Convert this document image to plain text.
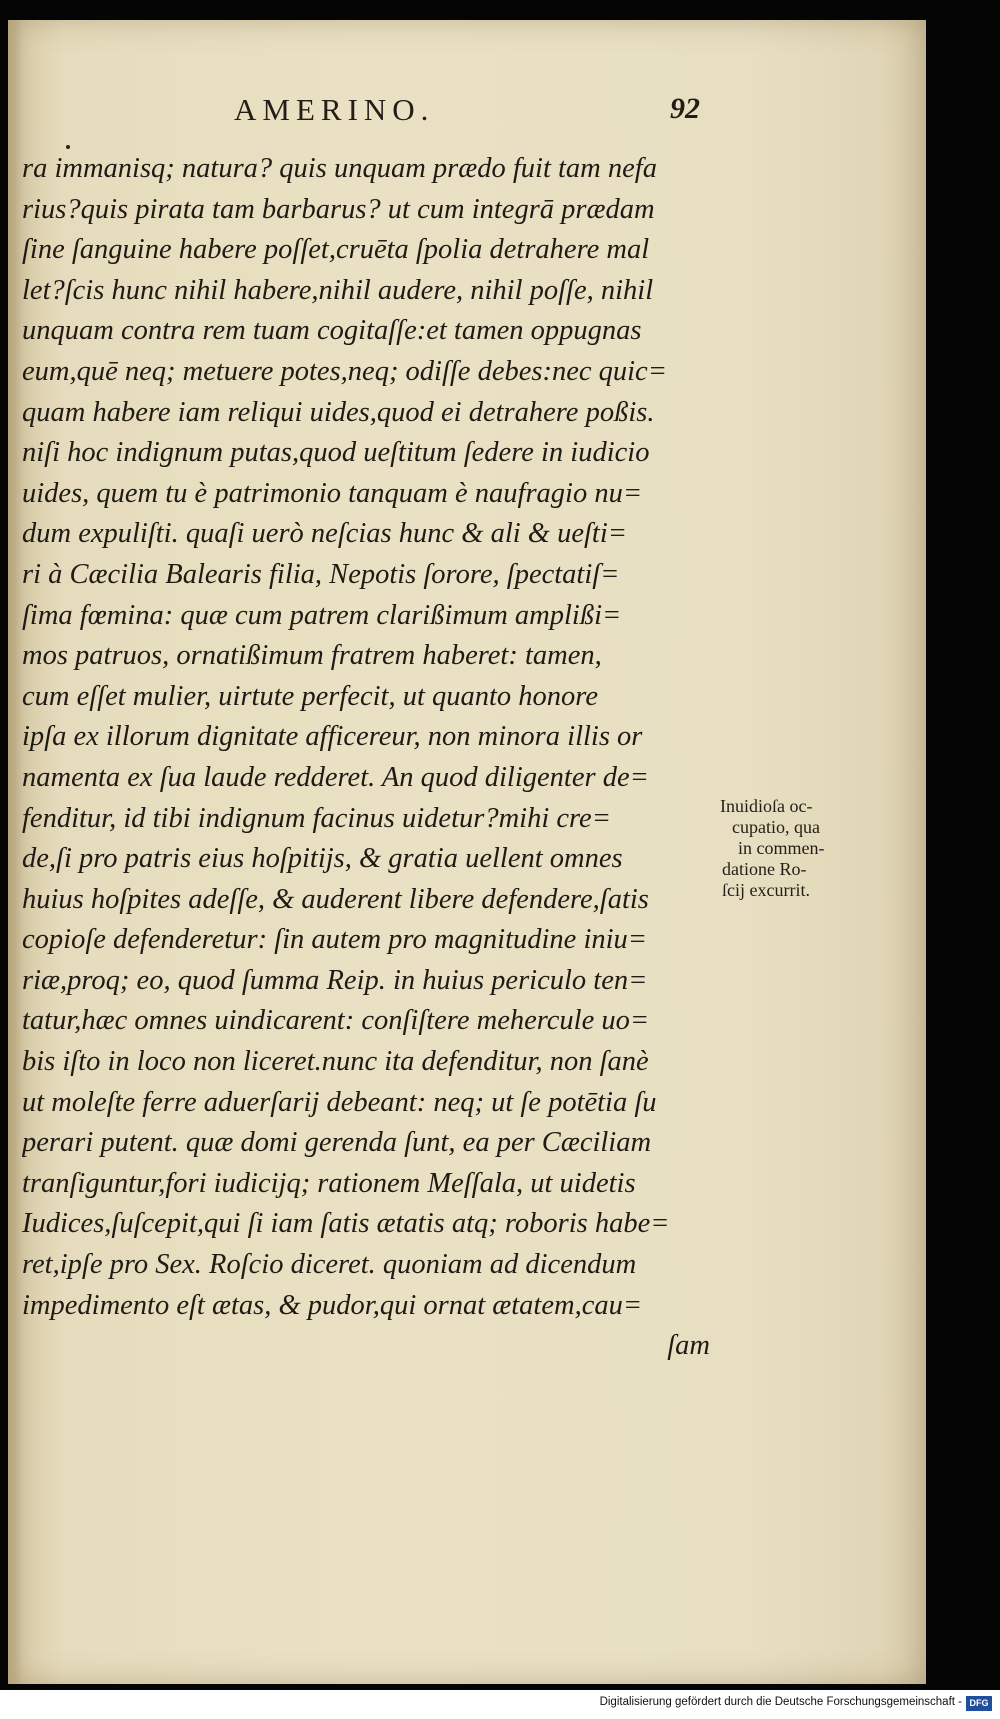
AMERINO.	92
ra immanisq; natura? quis unquam prædo fuit tam nefa
rius?quis pirata tam barbarus? ut cum integrā prædam
ſine ſanguine habere poſſet,cruēta ſpolia detrahere mal
let?ſcis hunc nihil habere,nihil audere, nihil poſſe, nihil
unquam contra rem tuam cogitaſſe:et tamen oppugnas
eum,quē neq; metuere potes,neq; odiſſe debes:nec quic=
quam habere iam reliqui uides,quod ei detrahere poßis.
niſi hoc indignum putas,quod ueſtitum ſedere in iudicio
uides, quem tu è patrimonio tanquam è naufragio nu=
dum expuliſti. quaſi uerò neſcias hunc & ali & ueſti=
ri à Cæcilia Balearis filia, Nepotis ſorore, ſpectatiſ=
ſima fœmina: quæ cum patrem clarißimum amplißi=
mos patruos, ornatißimum fratrem haberet: tamen,
cum eſſet mulier, uirtute perfecit, ut quanto honore
ipſa ex illorum dignitate afficereur, non minora illis or
namenta ex ſua laude redderet. An quod diligenter de=
fenditur, id tibi indignum facinus uidetur?mihi cre=
de,ſi pro patris eius hoſpitijs, & gratia uellent omnes
huius hoſpites adeſſe, & auderent libere defendere,ſatis
copioſe defenderetur: ſin autem pro magnitudine iniu=
riæ,proq; eo, quod ſumma Reip. in huius periculo ten=
tatur,hæc omnes uindicarent: conſiſtere mehercule uo=
bis iſto in loco non liceret.nunc ita defenditur, non ſanè
ut moleſte ferre aduerſarij debeant: neq; ut ſe potētia ſu
perari putent. quæ domi gerenda ſunt, ea per Cæciliam
tranſiguntur,fori iudicijq; rationem Meſſala, ut uidetis
Iudices,ſuſcepit,qui ſi iam ſatis ætatis atq; roboris habe=
ret,ipſe pro Sex. Roſcio diceret. quoniam ad dicendum
impedimento eſt ætas, & pudor,qui ornat ætatem,cau=
ſam
Inuidioſa oc-
cupatio, qua
in commen-
datione Ro-
ſcij excurrit.
Digitalisierung gefördert durch die Deutsche Forschungsgemeinschaft - DFG
